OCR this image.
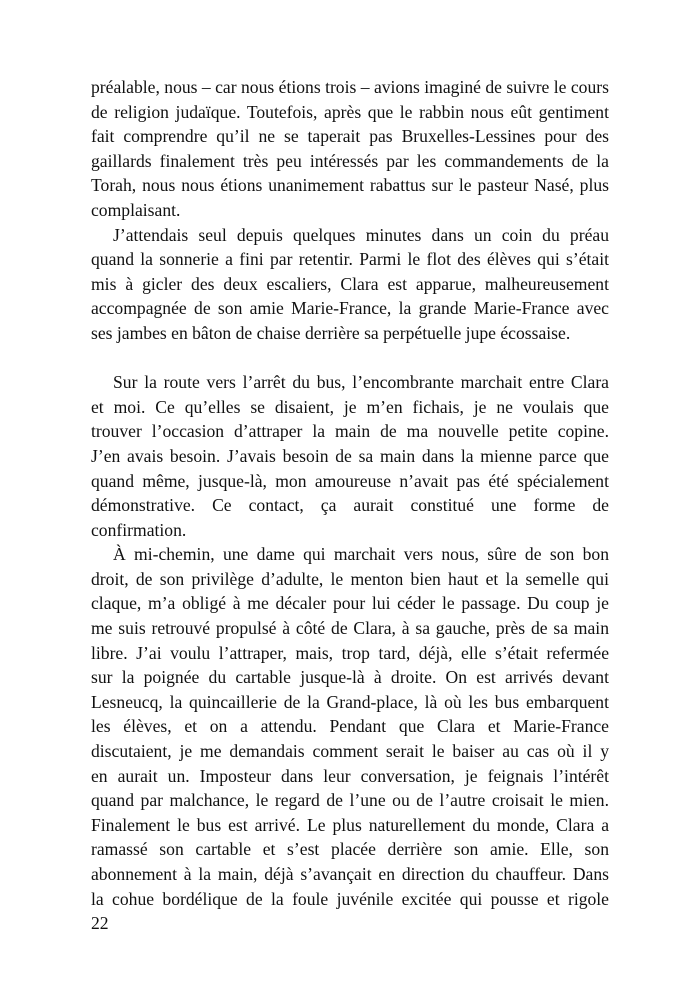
préalable, nous – car nous étions trois – avions imaginé de suivre le cours
de religion judaïque. Toutefois, après que le rabbin nous eût gentiment
fait comprendre qu’il ne se taperait pas Bruxelles-Lessines pour des
gaillards finalement très peu intéressés par les commandements de la
Torah, nous nous étions unanimement rabattus sur le pasteur Nasé, plus
complaisant.
J’attendais seul depuis quelques minutes dans un coin du préau
quand la sonnerie a fini par retentir. Parmi le flot des élèves qui s’était
mis à gicler des deux escaliers, Clara est apparue, malheureusement
accompagnée de son amie Marie-France, la grande Marie-France avec
ses jambes en bâton de chaise derrière sa perpétuelle jupe écossaise.
Sur la route vers l’arrêt du bus, l’encombrante marchait entre Clara
et moi. Ce qu’elles se disaient, je m’en fichais, je ne voulais que
trouver l’occasion d’attraper la main de ma nouvelle petite copine.
J’en avais besoin. J’avais besoin de sa main dans la mienne parce que
quand même, jusque-là, mon amoureuse n’avait pas été spécialement
démonstrative. Ce contact, ça aurait constitué une forme de
confirmation.
À mi-chemin, une dame qui marchait vers nous, sûre de son bon
droit, de son privilège d’adulte, le menton bien haut et la semelle qui
claque, m’a obligé à me décaler pour lui céder le passage. Du coup je
me suis retrouvé propulsé à côté de Clara, à sa gauche, près de sa main
libre. J’ai voulu l’attraper, mais, trop tard, déjà, elle s’était refermée
sur la poignée du cartable jusque-là à droite. On est arrivés devant
Lesneucq, la quincaillerie de la Grand-place, là où les bus embarquent
les élèves, et on a attendu. Pendant que Clara et Marie-France
discutaient, je me demandais comment serait le baiser au cas où il y
en aurait un. Imposteur dans leur conversation, je feignais l’intérêt
quand par malchance, le regard de l’une ou de l’autre croisait le mien.
Finalement le bus est arrivé. Le plus naturellement du monde, Clara a
ramassé son cartable et s’est placée derrière son amie. Elle, son
abonnement à la main, déjà s’avançait en direction du chauffeur. Dans
la cohue bordélique de la foule juvénile excitée qui pousse et rigole
22
